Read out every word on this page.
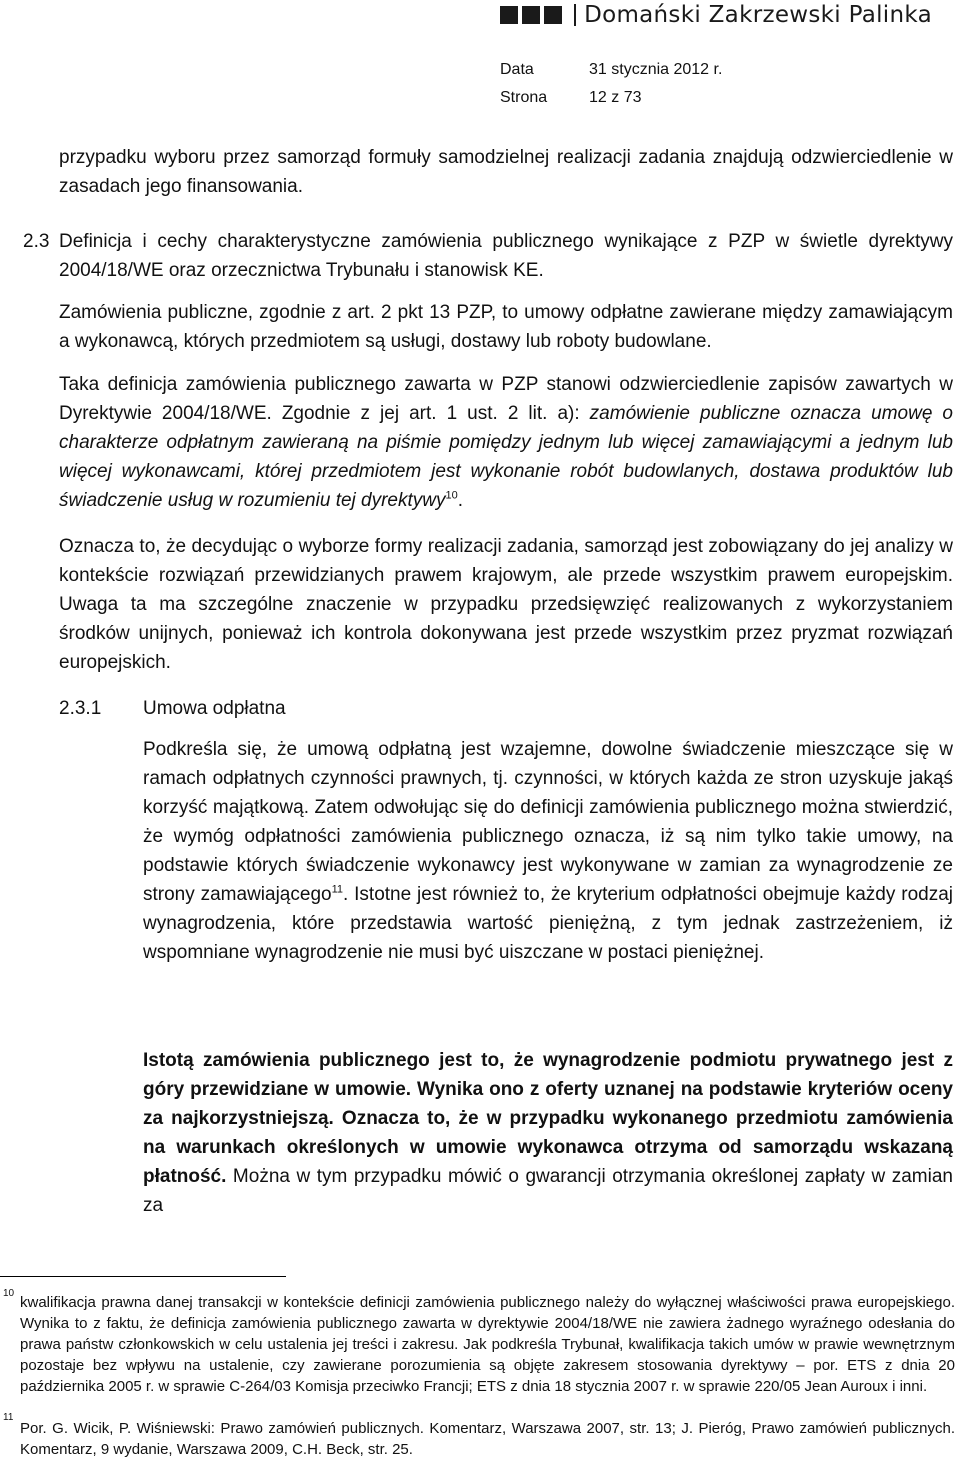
Domański Zakrzewski Palinka
Data	31 stycznia 2012 r.
Strona	12 z 73

przypadku wyboru przez samorząd formuły samodzielnej realizacji zadania znajdują odzwierciedlenie w zasadach jego finansowania.

2.3 Definicja i cechy charakterystyczne zamówienia publicznego wynikające z PZP w świetle dyrektywy 2004/18/WE oraz orzecznictwa Trybunału i stanowisk KE.

Zamówienia publiczne, zgodnie z art. 2 pkt 13 PZP, to umowy odpłatne zawierane między zamawiającym a wykonawcą, których przedmiotem są usługi, dostawy lub roboty budowlane.

Taka definicja zamówienia publicznego zawarta w PZP stanowi odzwierciedlenie zapisów zawartych w Dyrektywie 2004/18/WE. Zgodnie z jej art. 1 ust. 2 lit. a): zamówienie publiczne oznacza umowę o charakterze odpłatnym zawieraną na piśmie pomiędzy jednym lub więcej zamawiającymi a jednym lub więcej wykonawcami, której przedmiotem jest wykonanie robót budowlanych, dostawa produktów lub świadczenie usług w rozumieniu tej dyrektywy$^{10}$.

Oznacza to, że decydując o wyborze formy realizacji zadania, samorząd jest zobowiązany do jej analizy w kontekście rozwiązań przewidzianych prawem krajowym, ale przede wszystkim prawem europejskim. Uwaga ta ma szczególne znaczenie w przypadku przedsięwzięć realizowanych z wykorzystaniem środków unijnych, ponieważ ich kontrola dokonywana jest przede wszystkim przez pryzmat rozwiązań europejskich.

2.3.1 Umowa odpłatna

Podkreśla się, że umową odpłatną jest wzajemne, dowolne świadczenie mieszczące się w ramach odpłatnych czynności prawnych, tj. czynności, w których każda ze stron uzyskuje jakąś korzyść majątkową. Zatem odwołując się do definicji zamówienia publicznego można stwierdzić, że wymóg odpłatności zamówienia publicznego oznacza, iż są nim tylko takie umowy, na podstawie których świadczenie wykonawcy jest wykonywane w zamian za wynagrodzenie ze strony zamawiającego$^{11}$. Istotne jest również to, że kryterium odpłatności obejmuje każdy rodzaj wynagrodzenia, które przedstawia wartość pieniężną, z tym jednak zastrzeżeniem, iż wspomniane wynagrodzenie nie musi być uiszczane w postaci pieniężnej.

Istotą zamówienia publicznego jest to, że wynagrodzenie podmiotu prywatnego jest z góry przewidziane w umowie. Wynika ono z oferty uznanej na podstawie kryteriów oceny za najkorzystniejszą. Oznacza to, że w przypadku wykonanego przedmiotu zamówienia na warunkach określonych w umowie wykonawca otrzyma od samorządu wskazaną płatność. Można w tym przypadku mówić o gwarancji otrzymania określonej zapłaty w zamian za

10

kwalifikacja prawna danej transakcji w kontekście definicji zamówienia publicznego należy do wyłącznej właściwości prawa europejskiego. Wynika to z faktu, że definicja zamówienia publicznego zawarta w dyrektywie 2004/18/WE nie zawiera żadnego wyraźnego odesłania do prawa państw członkowskich w celu ustalenia jej treści i zakresu. Jak podkreśla Trybunał, kwalifikacja takich umów w prawie wewnętrznym pozostaje bez wpływu na ustalenie, czy zawierane porozumienia są objęte zakresem stosowania dyrektywy – por. ETS z dnia 20 października 2005 r. w sprawie C-264/03 Komisja przeciwko Francji; ETS z dnia 18 stycznia 2007 r. w sprawie 220/05 Jean Auroux i inni.

11

Por. G. Wicik, P. Wiśniewski: Prawo zamówień publicznych. Komentarz, Warszawa 2007, str. 13; J. Pieróg, Prawo zamówień publicznych. Komentarz, 9 wydanie, Warszawa 2009, C.H. Beck, str. 25.
